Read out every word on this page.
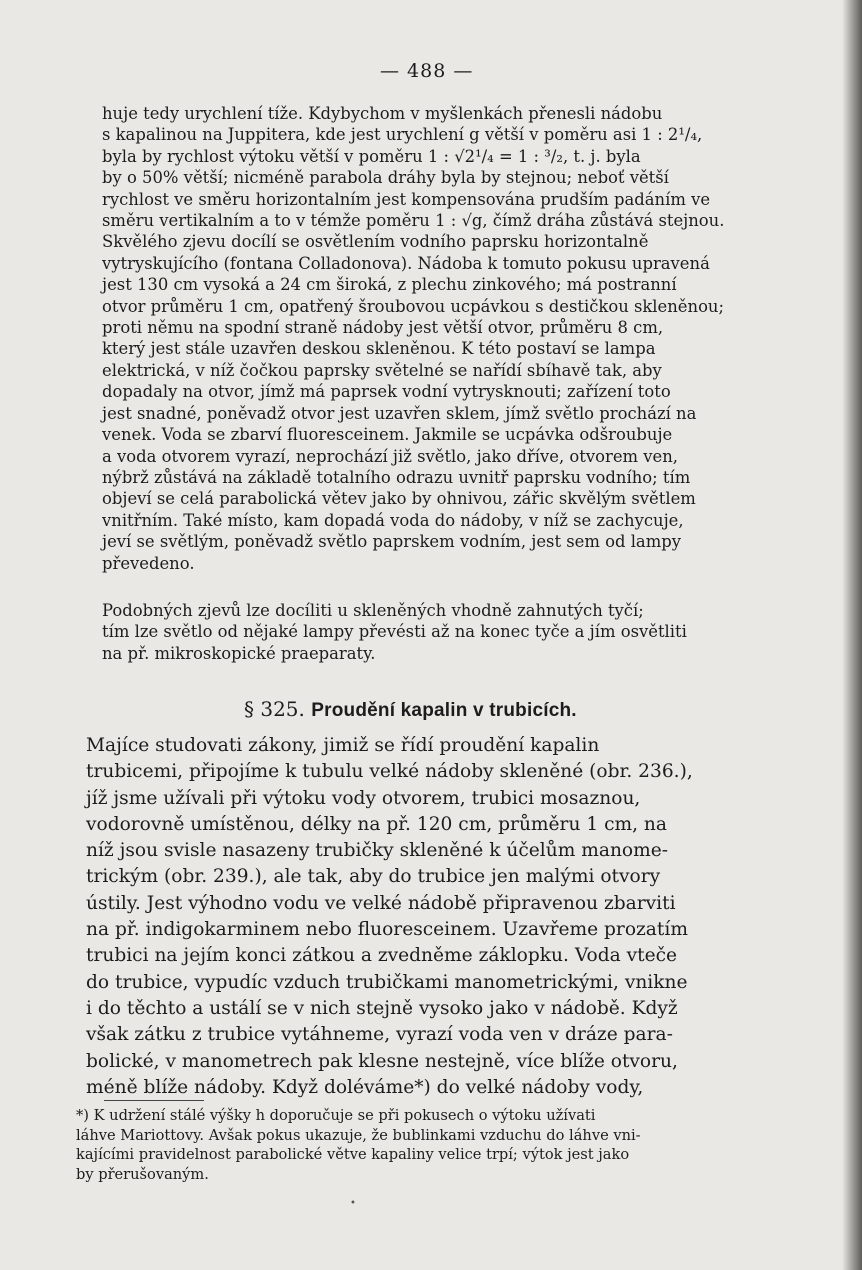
— 488 —
huje tedy urychlení tíže. Kdybychom v myšlenkách přenesli nádobu
s kapalinou na Juppitera, kde jest urychlení g větší v poměru asi 1 : 2¹/₄,
byla by rychlost výtoku větší v poměru 1 : √2¹/₄ = 1 : ³/₂, t. j. byla
by o 50% větší; nicméně parabola dráhy byla by stejnou; neboť větší
rychlost ve směru horizontalním jest kompensována prudším padáním ve
směru vertikalním a to v témže poměru 1 : √g, čímž dráha zůstává stejnou.
Skvělého zjevu docílí se osvětlením vodního paprsku horizontalně
vytryskujícího (fontana Colladonova). Nádoba k tomuto pokusu upravená
jest 130 cm vysoká a 24 cm široká, z plechu zinkového; má postranní
otvor průměru 1 cm, opatřený šroubovou ucpávkou s destičkou skleněnou;
proti němu na spodní straně nádoby jest větší otvor, průměru 8 cm,
který jest stále uzavřen deskou skleněnou. K této postaví se lampa
elektrická, v níž čočkou paprsky světelné se nařídí sbíhavě tak, aby
dopadaly na otvor, jímž má paprsek vodní vytrysknouti; zařízení toto
jest snadné, poněvadž otvor jest uzavřen sklem, jímž světlo prochází na
venek. Voda se zbarví fluoresceinem. Jakmile se ucpávka odšroubuje
a voda otvorem vyrazí, neprochází již světlo, jako dříve, otvorem ven,
nýbrž zůstává na základě totalního odrazu uvnitř paprsku vodního; tím
objeví se celá parabolická větev jako by ohnivou, zářic skvělým světlem
vnitřním. Také místo, kam dopadá voda do nádoby, v níž se zachycuje,
jeví se světlým, poněvadž světlo paprskem vodním, jest sem od lampy
převedeno.
Podobných zjevů lze docíliti u skleněných vhodně zahnutých tyčí;
tím lze světlo od nějaké lampy převésti až na konec tyče a jím osvětliti
na př. mikroskopické praeparaty.
§ 325. Proudění kapalin v trubicích.
Majíce studovati zákony, jimiž se řídí proudění kapalin
trubicemi, připojíme k tubulu velké nádoby skleněné (obr. 236.),
jíž jsme užívali při výtoku vody otvorem, trubici mosaznou,
vodorovně umístěnou, délky na př. 120 cm, průměru 1 cm, na
níž jsou svisle nasazeny trubičky skleněné k účelům manome-
trickým (obr. 239.), ale tak, aby do trubice jen malými otvory
ústily. Jest výhodno vodu ve velké nádobě připravenou zbarviti
na př. indigokarminem nebo fluoresceinem. Uzavřeme prozatím
trubici na jejím konci zátkou a zvedněme záklopku. Voda vteče
do trubice, vypudíc vzduch trubičkami manometrickými, vnikne
i do těchto a ustálí se v nich stejně vysoko jako v nádobě. Když
však zátku z trubice vytáhneme, vyrazí voda ven v dráze para-
bolické, v manometrech pak klesne nestejně, více blíže otvoru,
méně blíže nádoby. Když doléváme*) do velké nádoby vody,
*) K udržení stálé výšky h doporučuje se při pokusech o výtoku užívati
láhve Mariottovy. Avšak pokus ukazuje, že bublinkami vzduchu do láhve vni-
kajícími pravidelnost parabolické větve kapaliny velice trpí; výtok jest jako
by přerušovaným.
•
